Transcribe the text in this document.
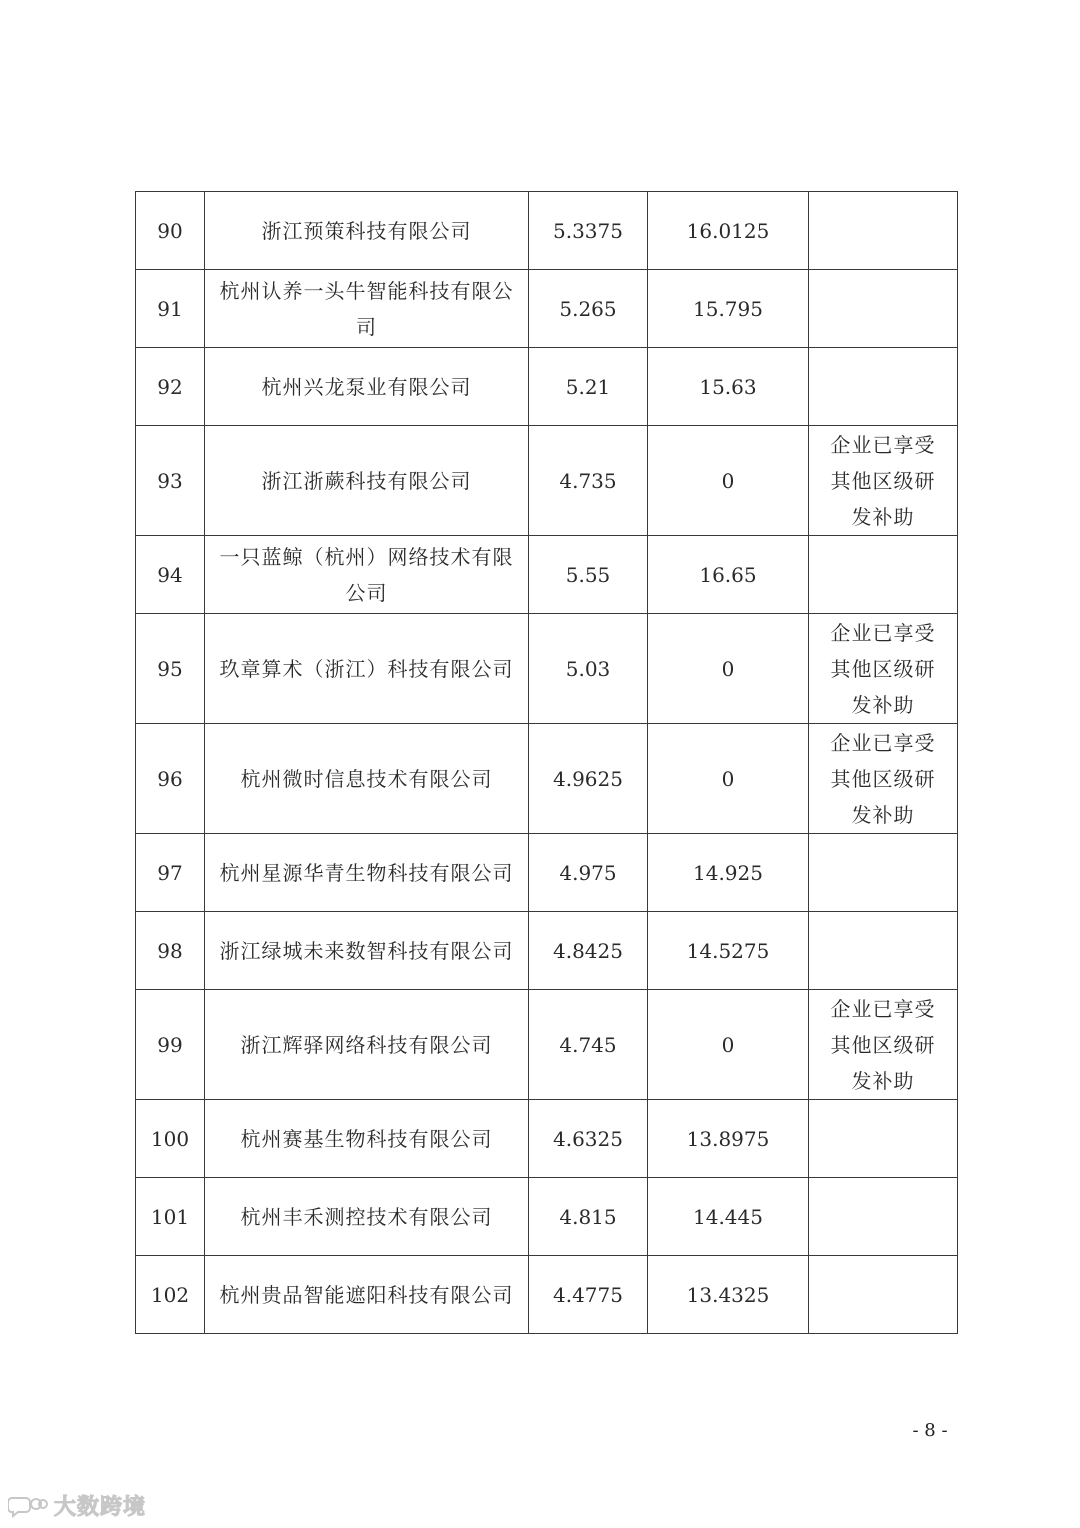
90	浙江预策科技有限公司	5.3375	16.0125	
91	杭州认养一头牛智能科技有限公司	5.265	15.795	
92	杭州兴龙泵业有限公司	5.21	15.63	
93	浙江浙蕨科技有限公司	4.735	0	企业已享受其他区级研发补助
94	一只蓝鲸（杭州）网络技术有限公司	5.55	16.65	
95	玖章算术（浙江）科技有限公司	5.03	0	企业已享受其他区级研发补助
96	杭州微时信息技术有限公司	4.9625	0	企业已享受其他区级研发补助
97	杭州星源华青生物科技有限公司	4.975	14.925	
98	浙江绿城未来数智科技有限公司	4.8425	14.5275	
99	浙江辉驿网络科技有限公司	4.745	0	企业已享受其他区级研发补助
100	杭州赛基生物科技有限公司	4.6325	13.8975	
101	杭州丰禾测控技术有限公司	4.815	14.445	
102	杭州贵品智能遮阳科技有限公司	4.4775	13.4325	
- 8 -
大数跨境
